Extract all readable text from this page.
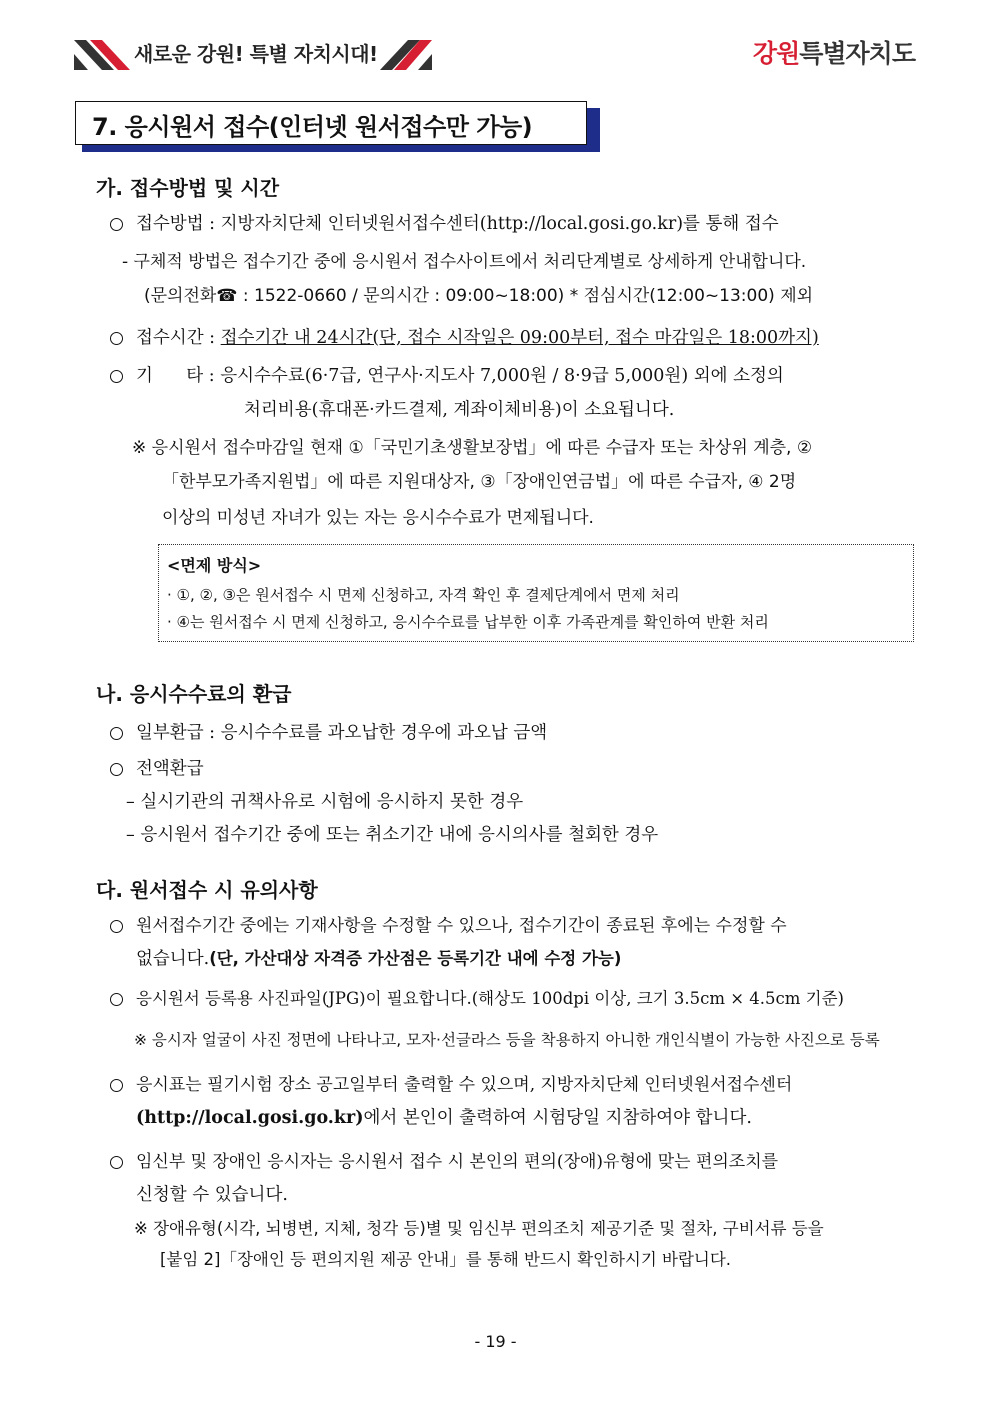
새로운 강원! 특별 자치시대!	강원특별자치도
7. 응시원서 접수(인터넷 원서접수만 가능)
가. 접수방법 및 시간
접수방법 : 지방자치단체 인터넷원서접수센터(http://local.gosi.go.kr)를 통해 접수
- 구체적 방법은 접수기간 중에 응시원서 접수사이트에서 처리단계별로 상세하게 안내합니다.
(문의전화☎ : 1522-0660 / 문의시간 : 09:00~18:00) * 점심시간(12:00~13:00) 제외
접수시간 : 접수기간 내 24시간(단, 접수 시작일은 09:00부터, 접수 마감일은 18:00까지)
기      타 : 응시수수료(6·7급, 연구사·지도사 7,000원 / 8·9급 5,000원) 외에 소정의
처리비용(휴대폰·카드결제, 계좌이체비용)이 소요됩니다.
※ 응시원서 접수마감일 현재 ①「국민기초생활보장법」에 따른 수급자 또는 차상위 계층, ②
「한부모가족지원법」에 따른 지원대상자, ③「장애인연금법」에 따른 수급자, ④ 2명
이상의 미성년 자녀가 있는 자는 응시수수료가 면제됩니다.
<면제 방식>
· ①, ②, ③은 원서접수 시 면제 신청하고, 자격 확인 후 결제단계에서 면제 처리
· ④는 원서접수 시 면제 신청하고, 응시수수료를 납부한 이후 가족관계를 확인하여 반환 처리
나. 응시수수료의 환급
일부환급 : 응시수수료를 과오납한 경우에 과오납 금액
전액환급
– 실시기관의 귀책사유로 시험에 응시하지 못한 경우
– 응시원서 접수기간 중에 또는 취소기간 내에 응시의사를 철회한 경우
다. 원서접수 시 유의사항
원서접수기간 중에는 기재사항을 수정할 수 있으나, 접수기간이 종료된 후에는 수정할 수
없습니다.(단, 가산대상 자격증 가산점은 등록기간 내에 수정 가능)
응시원서 등록용 사진파일(JPG)이 필요합니다.(해상도 100dpi 이상, 크기 3.5cm × 4.5cm 기준)
※ 응시자 얼굴이 사진 정면에 나타나고, 모자·선글라스 등을 착용하지 아니한 개인식별이 가능한 사진으로 등록
응시표는 필기시험 장소 공고일부터 출력할 수 있으며, 지방자치단체 인터넷원서접수센터
(http://local.gosi.go.kr)에서 본인이 출력하여 시험당일 지참하여야 합니다.
임신부 및 장애인 응시자는 응시원서 접수 시 본인의 편의(장애)유형에 맞는 편의조치를
신청할 수 있습니다.
※ 장애유형(시각, 뇌병변, 지체, 청각 등)별 및 임신부 편의조치 제공기준 및 절차, 구비서류 등을
[붙임 2]「장애인 등 편의지원 제공 안내」를 통해 반드시 확인하시기 바랍니다.
- 19 -
